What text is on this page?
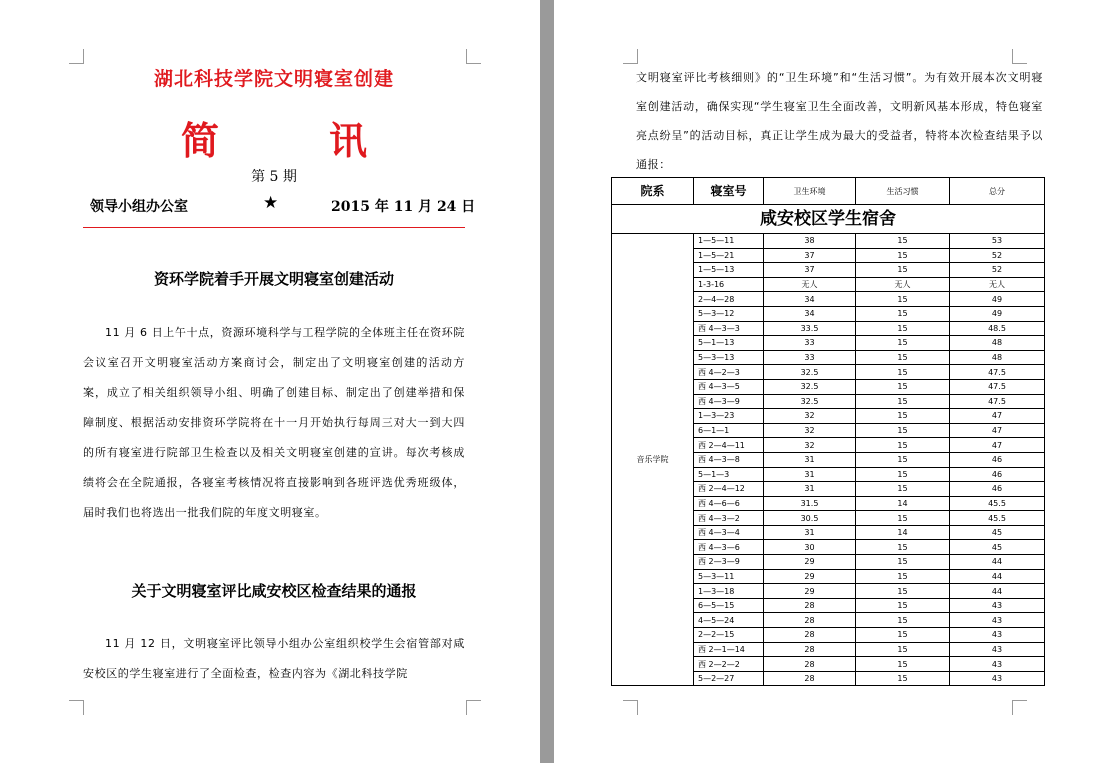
湖北科技学院文明寝室创建
简　讯
第 5 期
领导小组办公室	★	2015 年 11 月 24 日
资环学院着手开展文明寝室创建活动

11 月 6 日上午十点，资源环境科学与工程学院的全体班主任在资环院会议室召开文明寝室活动方案商讨会，制定出了文明寝室创建的活动方案，成立了相关组织领导小组、明确了创建目标、制定出了创建举措和保障制度、根据活动安排资环学院将在十一月开始执行每周三对大一到大四的所有寝室进行院部卫生检查以及相关文明寝室创建的宣讲。每次考核成绩将会在全院通报，各寝室考核情况将直接影响到各班评选优秀班级体，届时我们也将选出一批我们院的年度文明寝室。

关于文明寝室评比咸安校区检查结果的通报

11 月 12 日，文明寝室评比领导小组办公室组织校学生会宿管部对咸安校区的学生寝室进行了全面检查，检查内容为《湖北科技学院

文明寝室评比考核细则》的“卫生环境”和“生活习惯”。为有效开展本次文明寝室创建活动，确保实现“学生寝室卫生全面改善，文明新风基本形成，特色寝室亮点纷呈”的活动目标，真正让学生成为最大的受益者，特将本次检查结果予以通报：

院系	寝室号	卫生环境	生活习惯	总分
咸安校区学生宿舍				
音乐学院	1—5—11	38	15	53
	1—5—21	37	15	52
	1—5—13	37	15	52
	1-3-16	无人	无人	无人
	2—4—28	34	15	49
	5—3—12	34	15	49
	西 4—3—3	33.5	15	48.5
	5—1—13	33	15	48
	5—3—13	33	15	48
	西 4—2—3	32.5	15	47.5
	西 4—3—5	32.5	15	47.5
	西 4—3—9	32.5	15	47.5
	1—3—23	32	15	47
	6—1—1	32	15	47
	西 2—4—11	32	15	47
	西 4—3—8	31	15	46
	5—1—3	31	15	46
	西 2—4—12	31	15	46
	西 4—6—6	31.5	14	45.5
	西 4—3—2	30.5	15	45.5
	西 4—3—4	31	14	45
	西 4—3—6	30	15	45
	西 2—3—9	29	15	44
	5—3—11	29	15	44
	1—3—18	29	15	44
	6—5—15	28	15	43
	4—5—24	28	15	43
	2—2—15	28	15	43
	西 2—1—14	28	15	43
	西 2—2—2	28	15	43
	5—2—27	28	15	43
